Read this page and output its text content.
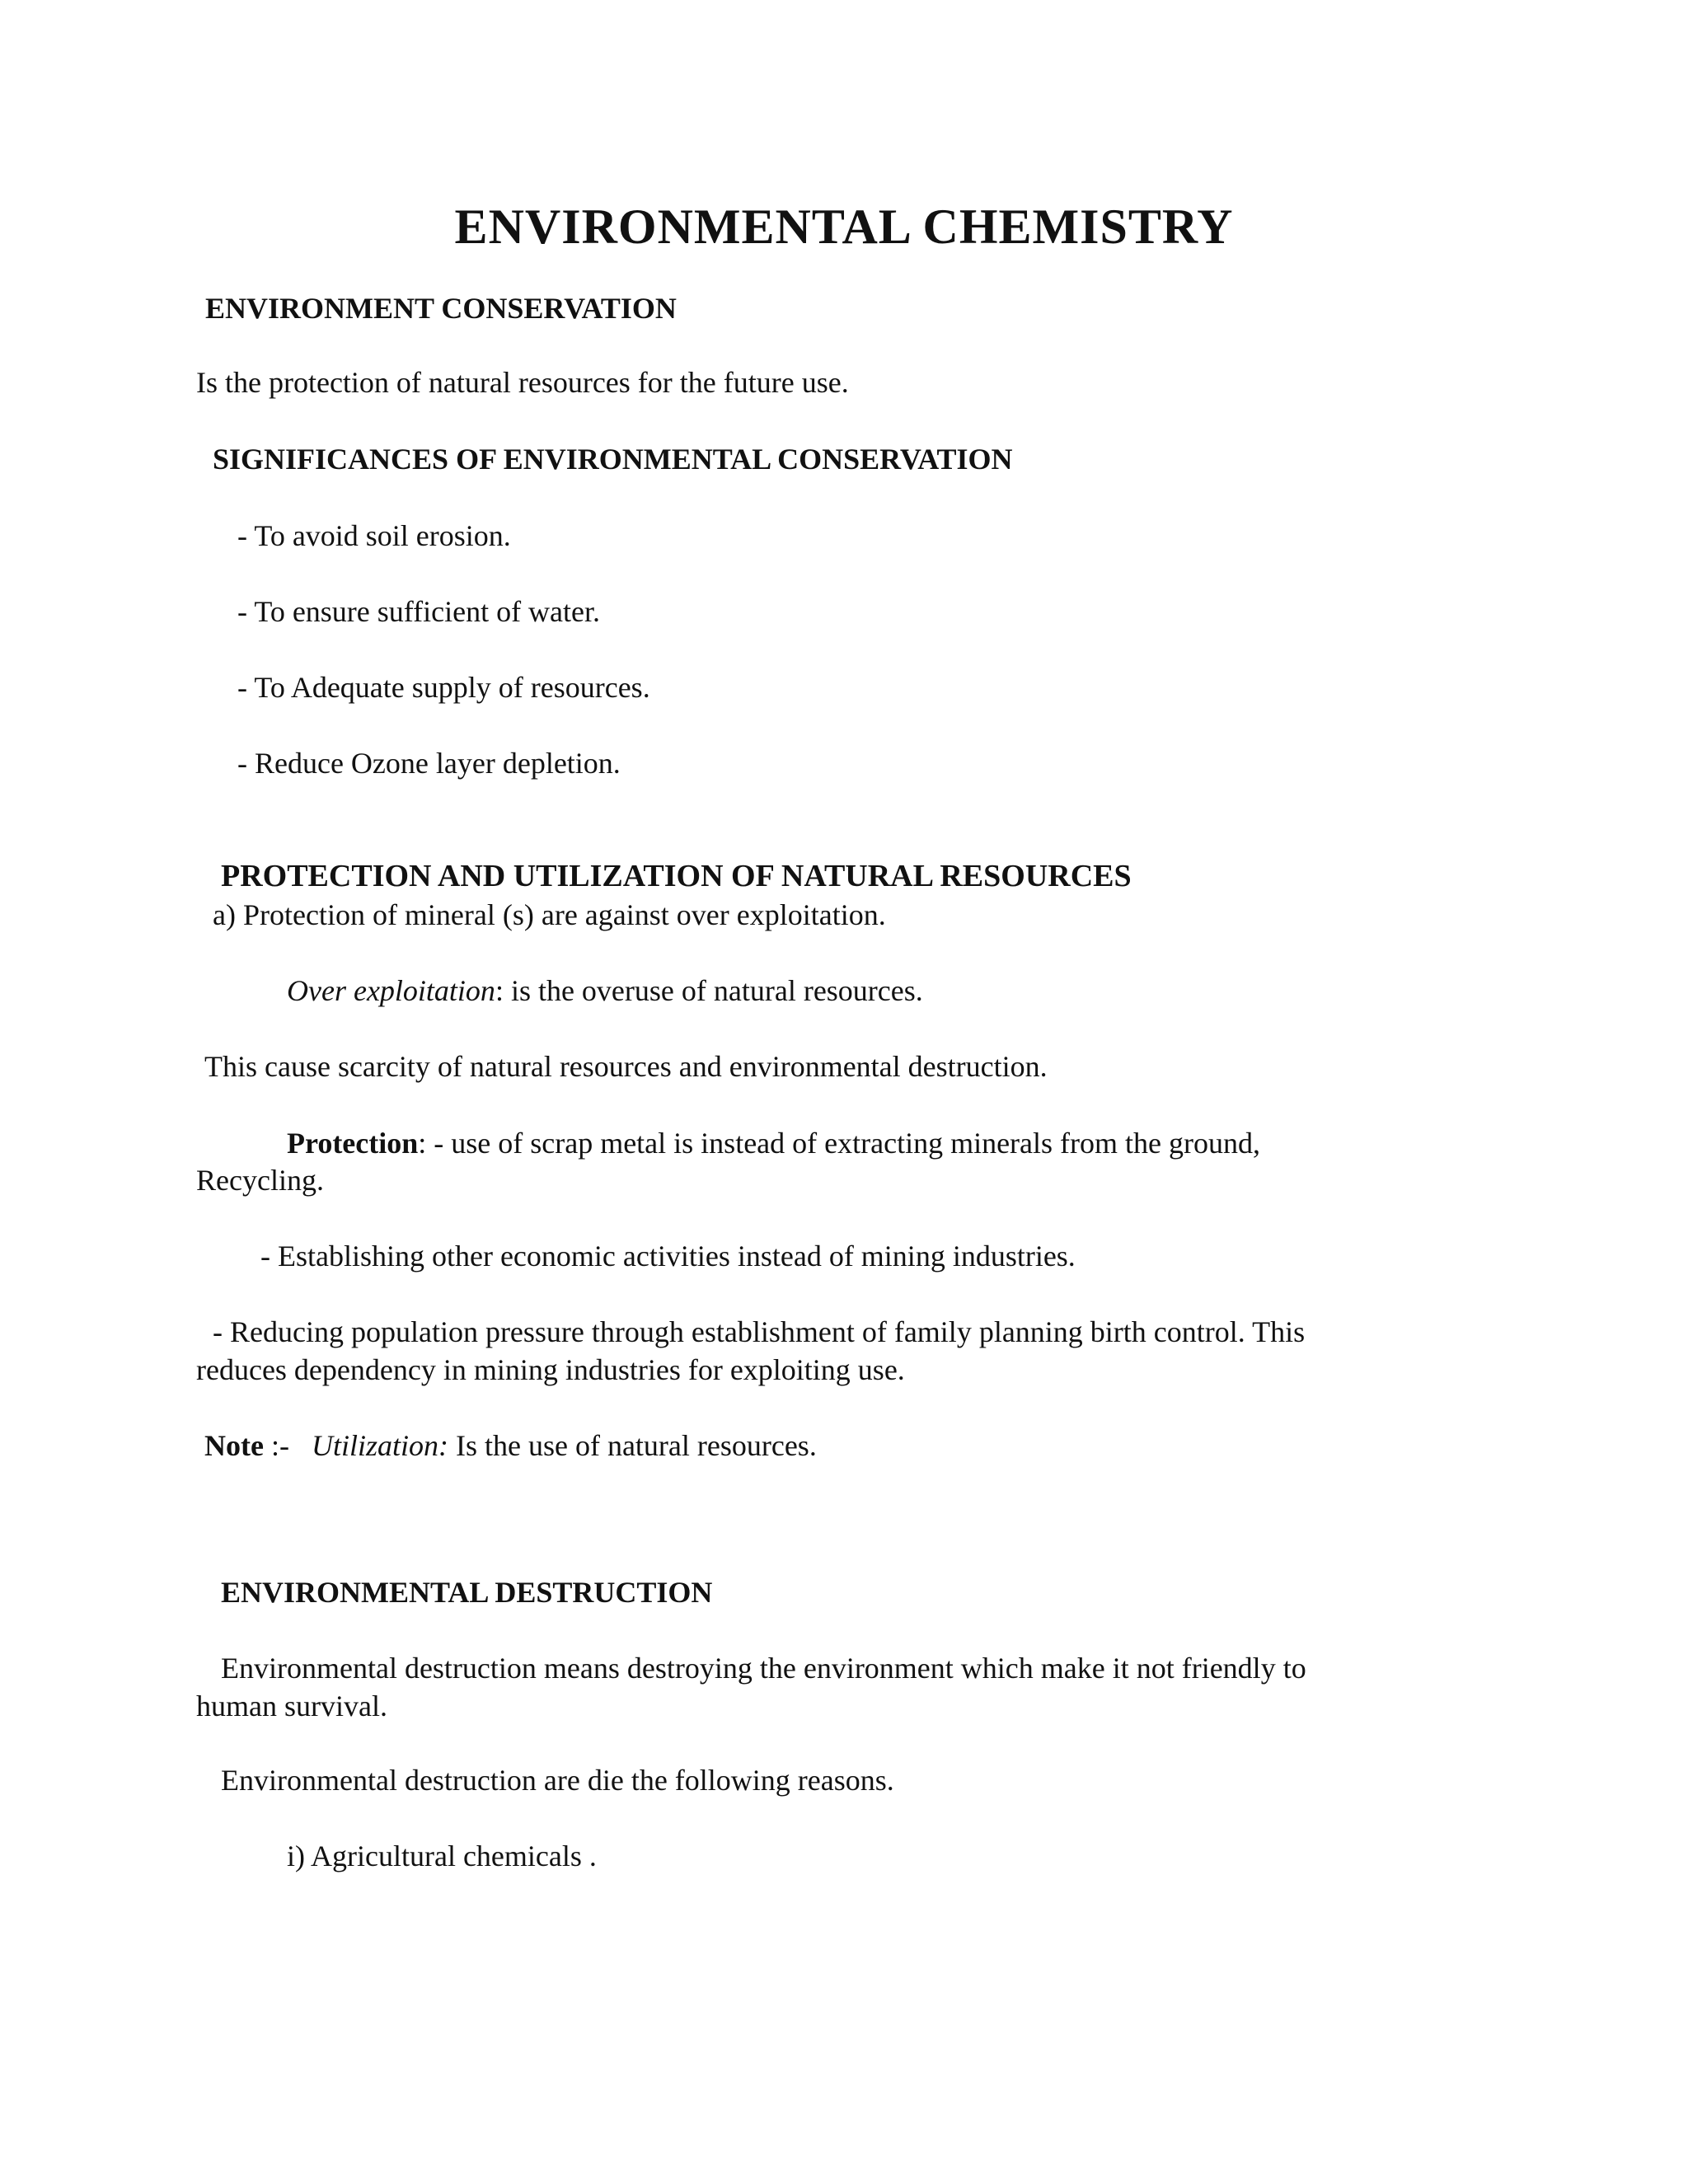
ENVIRONMENTAL CHEMISTRY
ENVIRONMENT CONSERVATION

Is the protection of natural resources for the future use.

SIGNIFICANCES OF ENVIRONMENTAL CONSERVATION

- To avoid soil erosion.

- To ensure sufficient of water.

- To Adequate supply of resources.

- Reduce Ozone layer depletion.

PROTECTION AND UTILIZATION OF NATURAL RESOURCES

a) Protection of mineral (s) are against over exploitation.

Over exploitation: is the overuse of natural resources.

This cause scarcity of natural resources and environmental destruction.

Protection: - use of scrap metal is instead of extracting minerals from the ground,

Recycling.

- Establishing other economic activities instead of mining industries.

- Reducing population pressure through establishment of family planning birth control. This

reduces dependency in mining industries for exploiting use.

Note :-   Utilization: Is the use of natural resources.

ENVIRONMENTAL DESTRUCTION

Environmental destruction means destroying the environment which make it not friendly to

human survival.

Environmental destruction are die the following reasons.

i) Agricultural chemicals .
